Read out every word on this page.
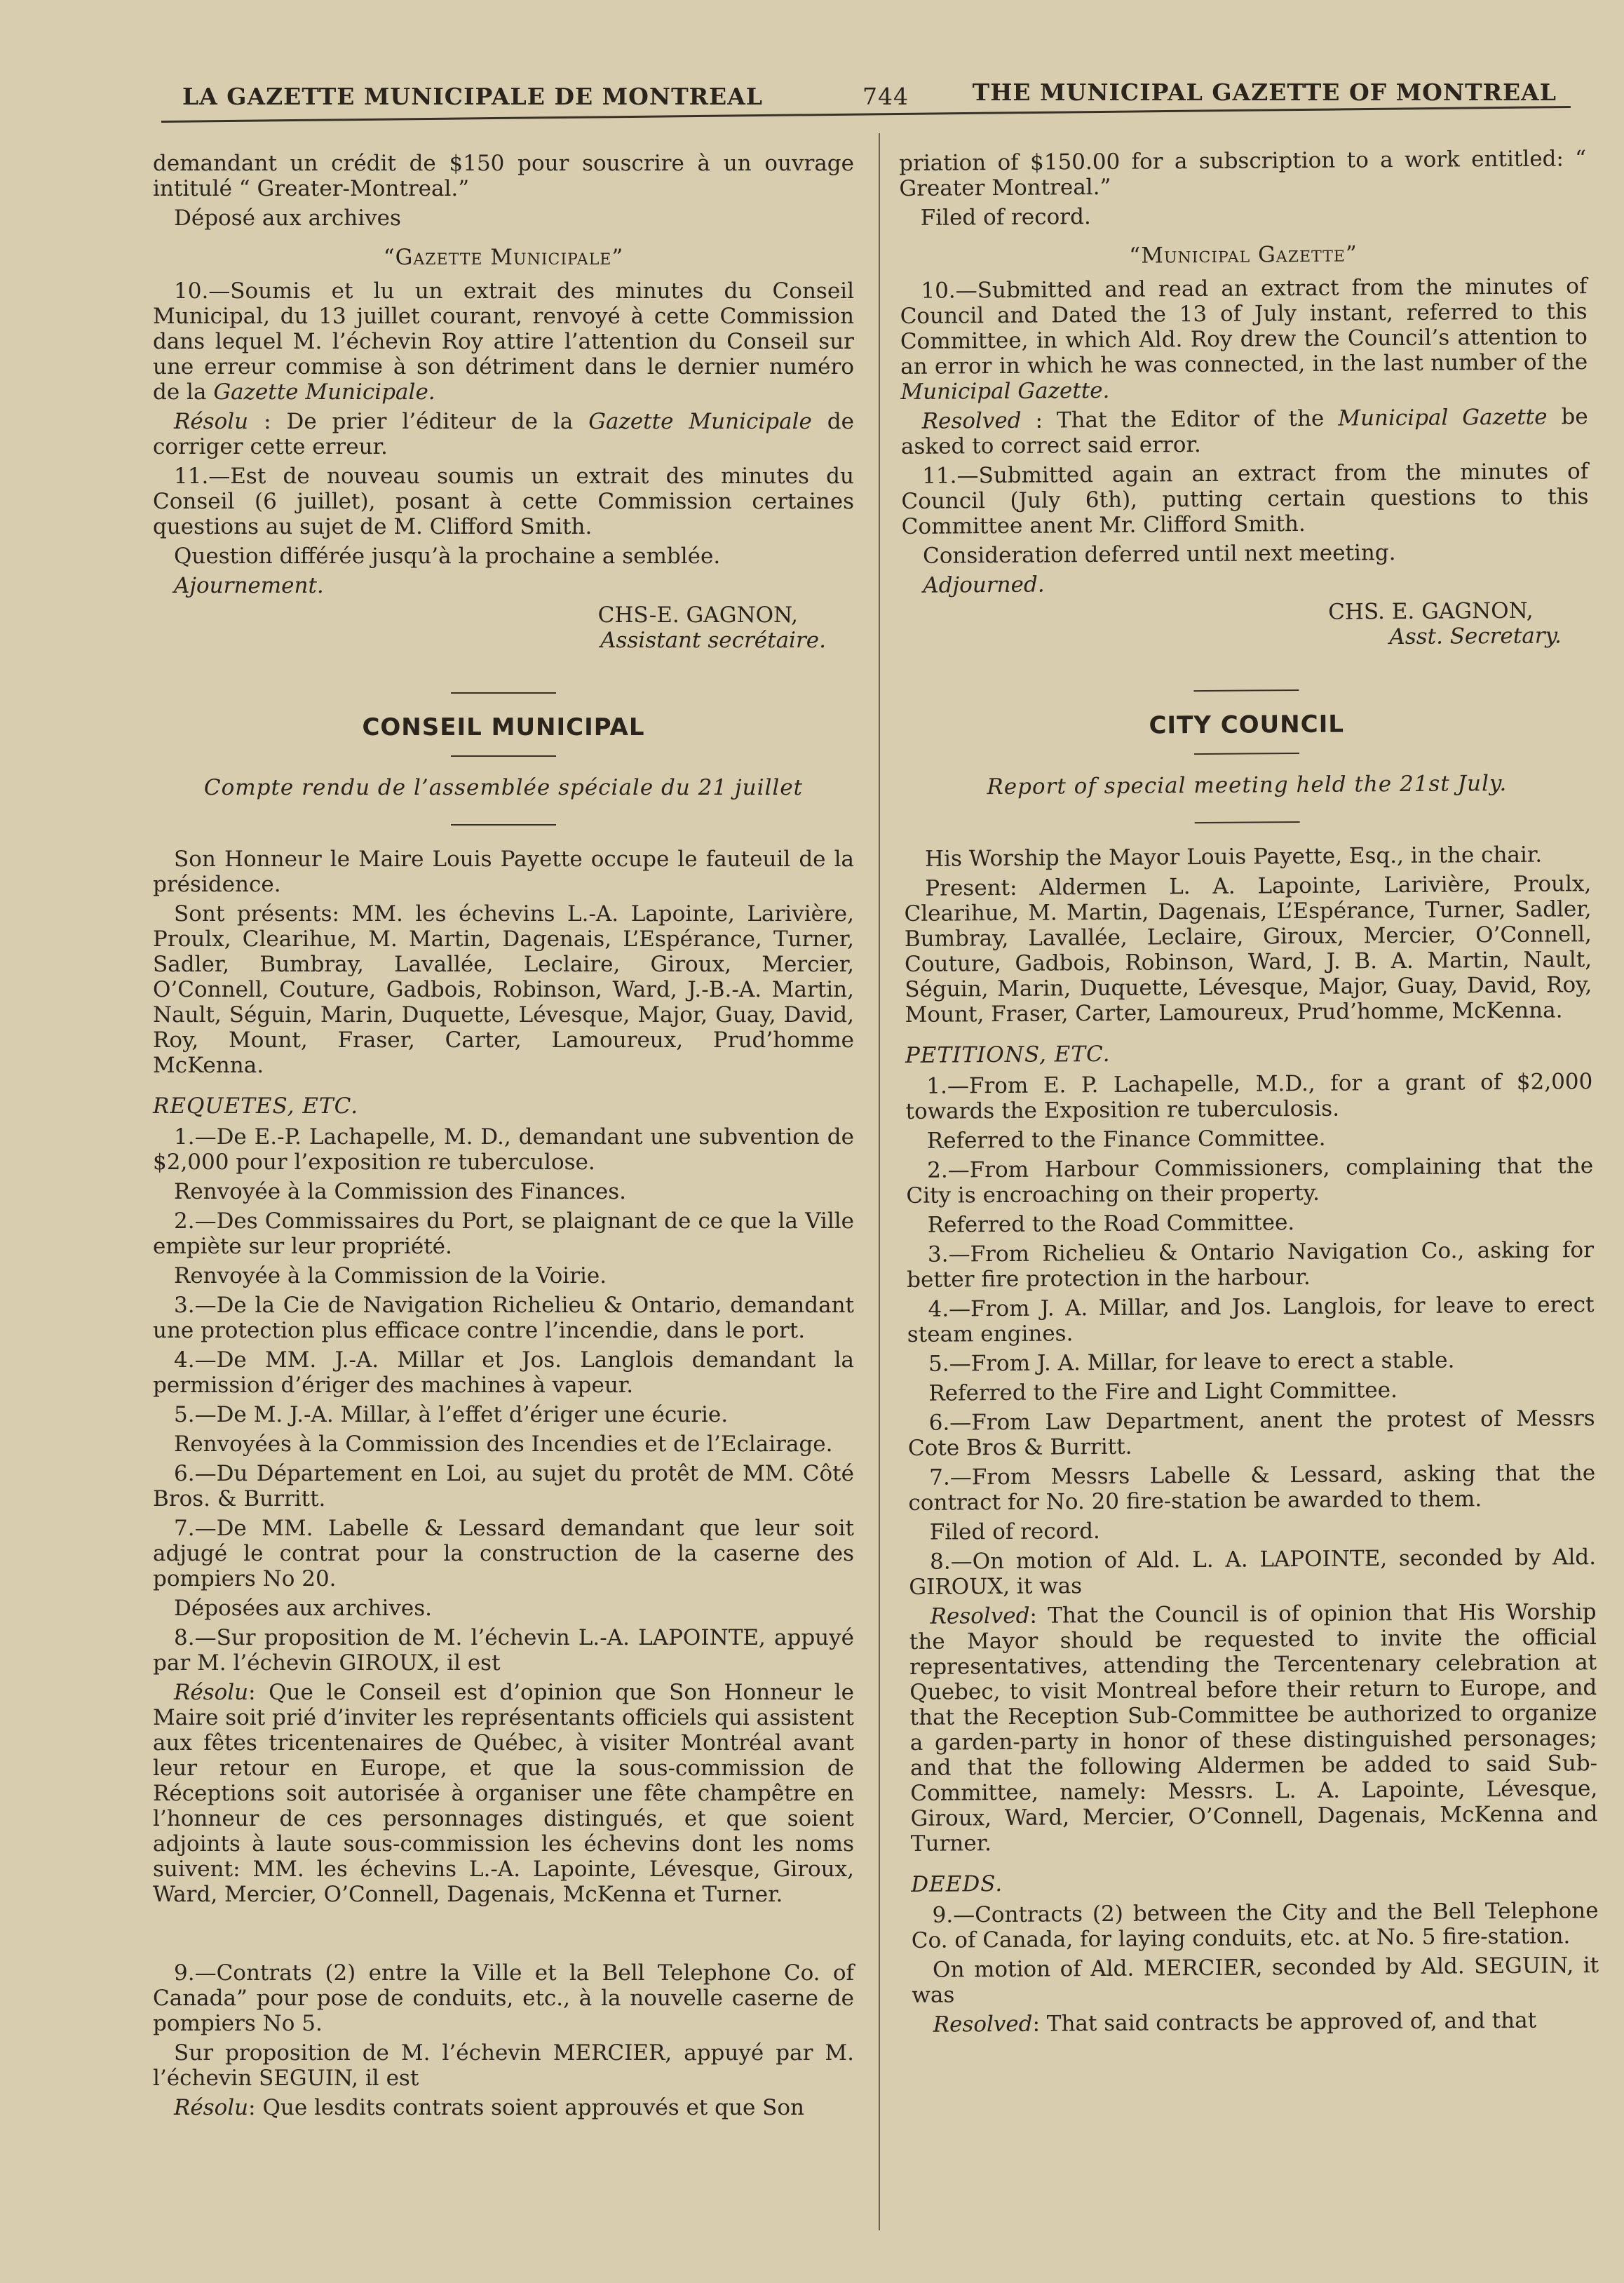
LA GAZETTE MUNICIPALE DE MONTREAL	744	THE MUNICIPAL GAZETTE OF MONTREAL

demandant un crédit de $150 pour souscrire à un ouvrage intitulé “ Greater-Montreal.”

Déposé aux archives

“Gazette Municipale”

10.—Soumis et lu un extrait des minutes du Conseil Municipal, du 13 juillet courant, renvoyé à cette Commission dans lequel M. l’échevin Roy attire l’attention du Conseil sur une erreur commise à son détriment dans le dernier numéro de la Gazette Municipale.

Résolu : De prier l’éditeur de la Gazette Municipale de corriger cette erreur.

11.—Est de nouveau soumis un extrait des minutes du Conseil (6 juillet), posant à cette Commission certaines questions au sujet de M. Clifford Smith.

Question différée jusqu’à la prochaine a semblée.

Ajournement.

CHS-E. GAGNON,

Assistant secrétaire.

CONSEIL MUNICIPAL

Compte rendu de l’assemblée spéciale du 21 juillet

Son Honneur le Maire Louis Payette occupe le fauteuil de la présidence.

Sont présents: MM. les échevins L.-A. Lapointe, Larivière, Proulx, Clearihue, M. Martin, Dagenais, L’Espérance, Turner, Sadler, Bumbray, Lavallée, Leclaire, Giroux, Mercier, O’Connell, Couture, Gadbois, Robinson, Ward, J.-B.-A. Martin, Nault, Séguin, Marin, Duquette, Lévesque, Major, Guay, David, Roy, Mount, Fraser, Carter, Lamoureux, Prud’homme McKenna.

REQUETES, ETC.

1.—De E.-P. Lachapelle, M. D., demandant une subvention de $2,000 pour l’exposition re tuberculose.

Renvoyée à la Commission des Finances.

2.—Des Commissaires du Port, se plaignant de ce que la Ville empiète sur leur propriété.

Renvoyée à la Commission de la Voirie.

3.—De la Cie de Navigation Richelieu & Ontario, demandant une protection plus efficace contre l’incendie, dans le port.

4.—De MM. J.-A. Millar et Jos. Langlois demandant la permission d’ériger des machines à vapeur.

5.—De M. J.-A. Millar, à l’effet d’ériger une écurie.

Renvoyées à la Commission des Incendies et de l’Eclairage.

6.—Du Département en Loi, au sujet du protêt de MM. Côté Bros. & Burritt.

7.—De MM. Labelle & Lessard demandant que leur soit adjugé le contrat pour la construction de la caserne des pompiers No 20.

Déposées aux archives.

8.—Sur proposition de M. l’échevin L.-A. LAPOINTE, appuyé par M. l’échevin GIROUX, il est

Résolu: Que le Conseil est d’opinion que Son Honneur le Maire soit prié d’inviter les représentants officiels qui assistent aux fêtes tricentenaires de Québec, à visiter Montréal avant leur retour en Europe, et que la sous-commission de Réceptions soit autorisée à organiser une fête champêtre en l’honneur de ces personnages distingués, et que soient adjoints à laute sous-commission les échevins dont les noms suivent: MM. les échevins L.-A. Lapointe, Lévesque, Giroux, Ward, Mercier, O’Connell, Dagenais, McKenna et Turner.

9.—Contrats (2) entre la Ville et la Bell Telephone Co. of Canada” pour pose de conduits, etc., à la nouvelle caserne de pompiers No 5.

Sur proposition de M. l’échevin MERCIER, appuyé par M. l’échevin SEGUIN, il est

Résolu: Que lesdits contrats soient approuvés et que Son

priation of $150.00 for a subscription to a work entitled: “ Greater Montreal.”

Filed of record.

“Municipal Gazette”

10.—Submitted and read an extract from the minutes of Council and Dated the 13 of July instant, referred to this Committee, in which Ald. Roy drew the Council’s attention to an error in which he was connected, in the last number of the Municipal Gazette.

Resolved : That the Editor of the Municipal Gazette be asked to correct said error.

11.—Submitted again an extract from the minutes of Council (July 6th), putting certain questions to this Committee anent Mr. Clifford Smith.

Consideration deferred until next meeting.

Adjourned.

CHS. E. GAGNON,

Asst. Secretary.

CITY COUNCIL

Report of special meeting held the 21st July.

His Worship the Mayor Louis Payette, Esq., in the chair.

Present: Aldermen L. A. Lapointe, Larivière, Proulx, Clearihue, M. Martin, Dagenais, L’Espérance, Turner, Sadler, Bumbray, Lavallée, Leclaire, Giroux, Mercier, O’Connell, Couture, Gadbois, Robinson, Ward, J. B. A. Martin, Nault, Séguin, Marin, Duquette, Lévesque, Major, Guay, David, Roy, Mount, Fraser, Carter, Lamoureux, Prud’homme, McKenna.

PETITIONS, ETC.

1.—From E. P. Lachapelle, M.D., for a grant of $2,000 towards the Exposition re tuberculosis.

Referred to the Finance Committee.

2.—From Harbour Commissioners, complaining that the City is encroaching on their property.

Referred to the Road Committee.

3.—From Richelieu & Ontario Navigation Co., asking for better fire protection in the harbour.

4.—From J. A. Millar, and Jos. Langlois, for leave to erect steam engines.

5.—From J. A. Millar, for leave to erect a stable.

Referred to the Fire and Light Committee.

6.—From Law Department, anent the protest of Messrs Cote Bros & Burritt.

7.—From Messrs Labelle & Lessard, asking that the contract for No. 20 fire-station be awarded to them.

Filed of record.

8.—On motion of Ald. L. A. LAPOINTE, seconded by Ald. GIROUX, it was

Resolved: That the Council is of opinion that His Worship the Mayor should be requested to invite the official representatives, attending the Tercentenary celebration at Quebec, to visit Montreal before their return to Europe, and that the Reception Sub-Committee be authorized to organize a garden-party in honor of these distinguished personages; and that the following Aldermen be added to said Sub-Committee, namely: Messrs. L. A. Lapointe, Lévesque, Giroux, Ward, Mercier, O’Connell, Dagenais, McKenna and Turner.

DEEDS.

9.—Contracts (2) between the City and the Bell Telephone Co. of Canada, for laying conduits, etc. at No. 5 fire-station.

On motion of Ald. MERCIER, seconded by Ald. SEGUIN, it was

Resolved: That said contracts be approved of, and that
